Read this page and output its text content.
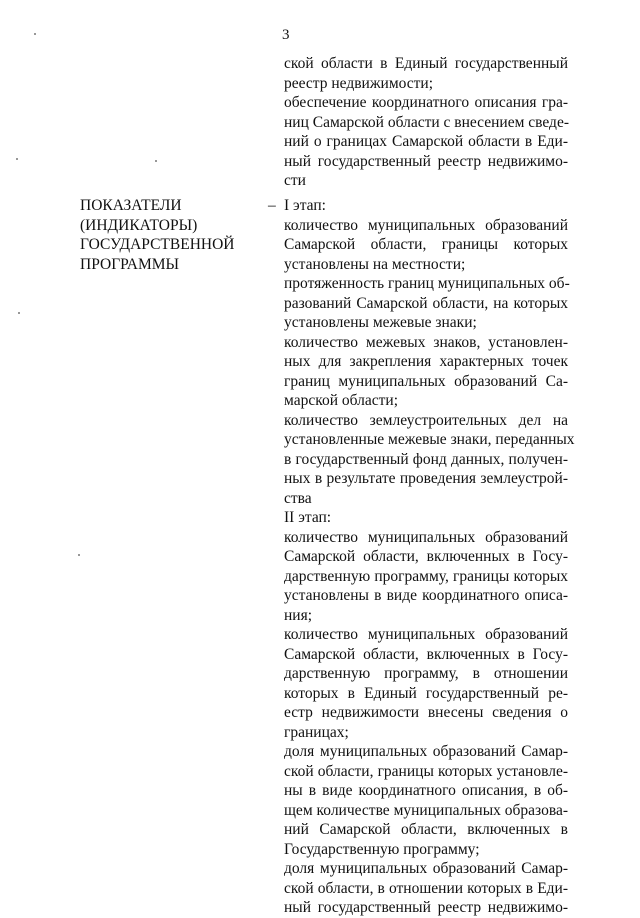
3
ПОКАЗАТЕЛИ
(ИНДИКАТОРЫ)
ГОСУДАРСТВЕННОЙ
ПРОГРАММЫ
–
ской области в Единый государственный
реестр недвижимости;
обеспечение координатного описания гра-
ниц Самарской области с внесением сведе-
ний о границах Самарской области в Еди-
ный государственный реестр недвижимо-
сти
I этап:
количество муниципальных образований
Самарской области, границы которых
установлены на местности;
протяженность границ муниципальных об-
разований Самарской области, на которых
установлены межевые знаки;
количество межевых знаков, установлен-
ных для закрепления характерных точек
границ муниципальных образований Са-
марской области;
количество землеустроительных дел на
установленные межевые знаки, переданных
в государственный фонд данных, получен-
ных в результате проведения землеустрой-
ства
II этап:
количество муниципальных образований
Самарской области, включенных в Госу-
дарственную программу, границы которых
установлены в виде координатного описа-
ния;
количество муниципальных образований
Самарской области, включенных в Госу-
дарственную программу, в отношении
которых в Единый государственный ре-
естр недвижимости внесены сведения о
границах;
доля муниципальных образований Самар-
ской области, границы которых установле-
ны в виде координатного описания, в об-
щем количестве муниципальных образова-
ний Самарской области, включенных в
Государственную программу;
доля муниципальных образований Самар-
ской области, в отношении которых в Еди-
ный государственный реестр недвижимо-
